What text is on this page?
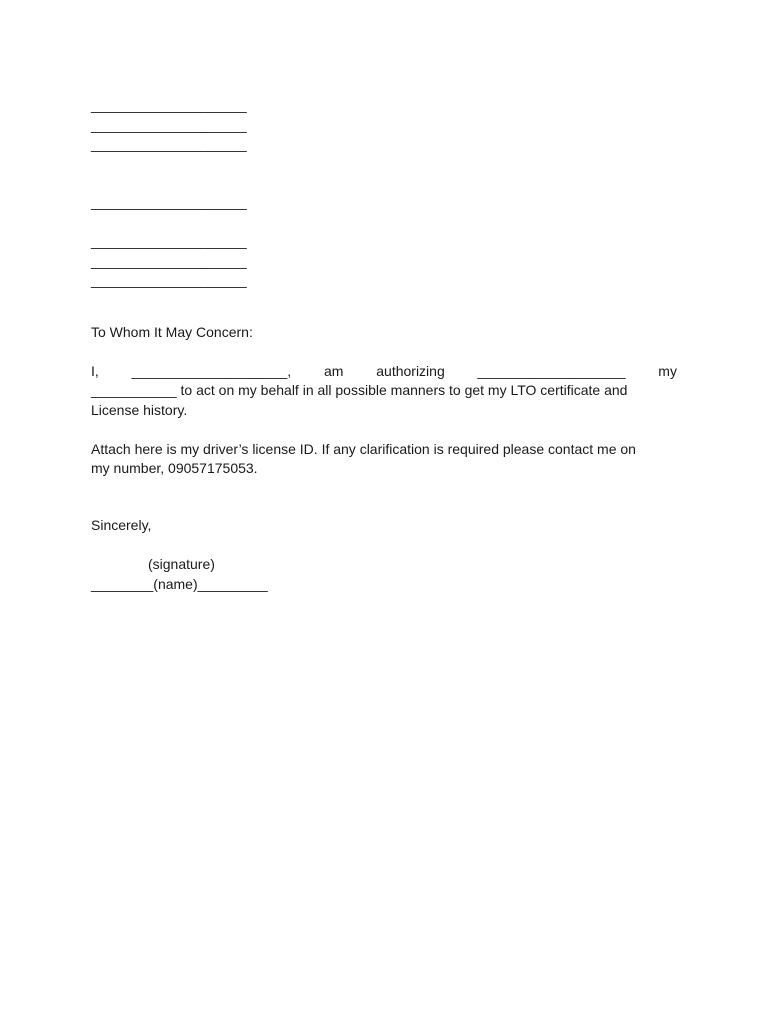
____________________
____________________
____________________
____________________
____________________
____________________
____________________
To Whom It May Concern:
I, ____________________, am authorizing ___________________ my
___________ to act on my behalf in all possible manners to get my LTO certificate and
License history.
Attach here is my driver’s license ID. If any clarification is required please contact me on
my number, 09057175053.
Sincerely,
(signature)
________(name)_________
